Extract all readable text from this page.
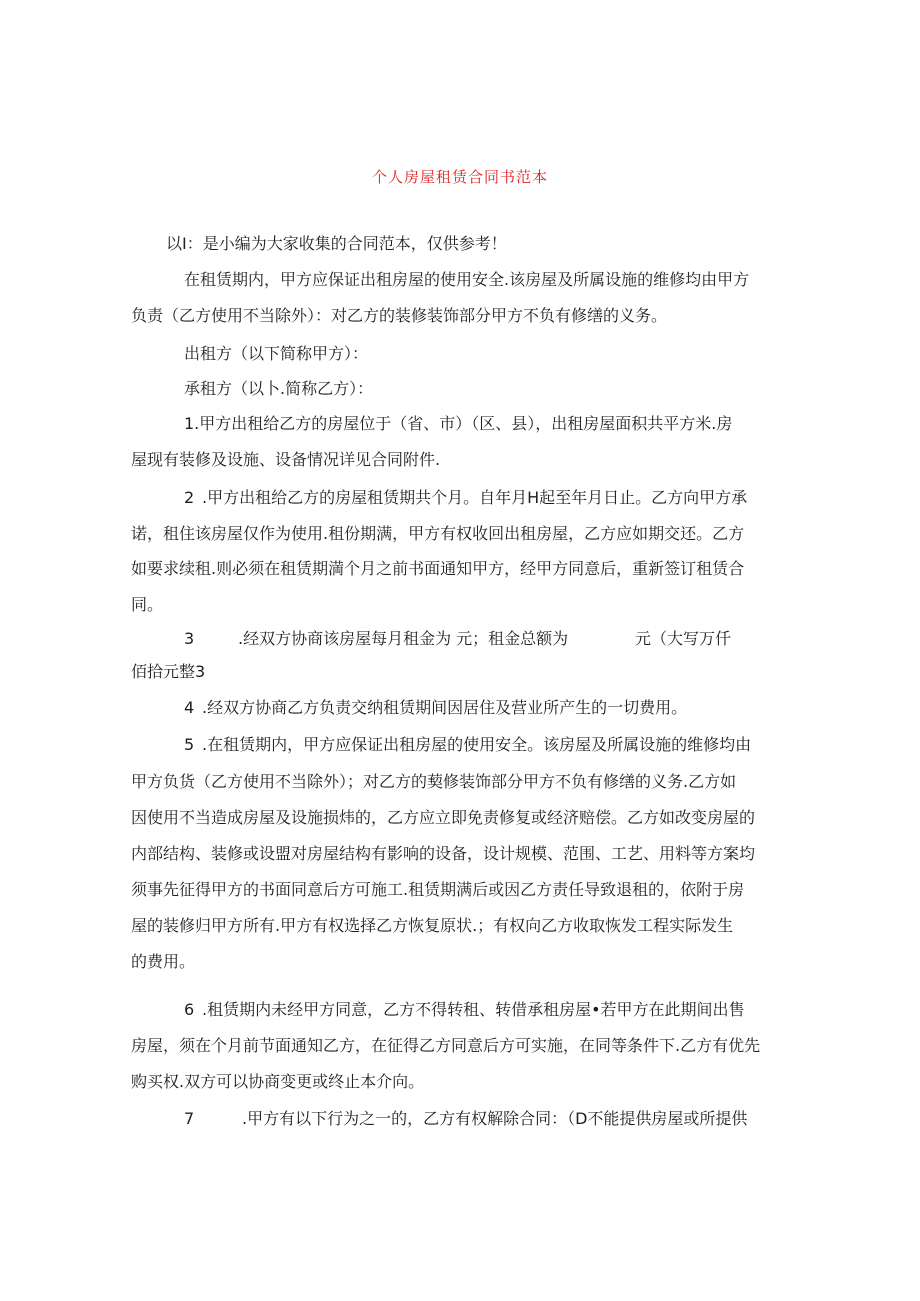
个人房屋租赁合同书范本
以I：是小编为大家收集的合同范本，仅供参考！
在租赁期内，甲方应保证出租房屋的使用安全.该房屋及所属设施的维修均由甲方
负责（乙方使用不当除外）：对乙方的装修装饰部分甲方不负有修缮的义务。
出租方（以下简称甲方）：
承租方（以卜.简称乙方）：
1.甲方出租给乙方的房屋位于（省、市）（区、县），出租房屋面积共平方米.房
屋现有装修及设施、设备情况详见合同附件.
2 .甲方出租给乙方的房屋租赁期共个月。自年月H起至年月日止。乙方向甲方承
诺，租住该房屋仅作为使用.租份期满，甲方有权收回出租房屋，乙方应如期交还。乙方
如要求续租.则必须在租赁期満个月之前书面通知甲方，经甲方同意后，重新签订租赁合
同。
3	.经双方协商该房屋每月租金为 元；租金总额为	元（大写万仟
佰拾元整3
4 .经双方协商乙方负责交纳租赁期间因居住及营业所产生的一切费用。
5 .在租赁期内，甲方应保证出租房屋的使用安全。该房屋及所属设施的维修均由
甲方负货（乙方使用不当除外）；对乙方的葜修装饰部分甲方不负有修缮的义务.乙方如
因使用不当造成房屋及设施损炜的，乙方应立即免责修复或经济赔偿。乙方如改变房屋的
内部结构、装修或设盟对房屋结构有影响的设备，设计规模、范围、工艺、用料等方案均
须事先征得甲方的书面同意后方可施工.租赁期满后或因乙方责任导致退租的，依附于房
屋的装修归甲方所有.甲方有权选择乙方恢复原状.；有权向乙方收取恢发工程实际发生
的费用。
6 .租赁期内未经甲方同意，乙方不得转租、转借承租房屋•若甲方在此期间出售
房屋，须在个月前节面通知乙方，在征得乙方同意后方可实施，在同等条件下.乙方有优先
购买权.双方可以协商变更或终止本介向。
7	.甲方有以下行为之一的，乙方有权解除合同：（D不能提供房屋或所提供
